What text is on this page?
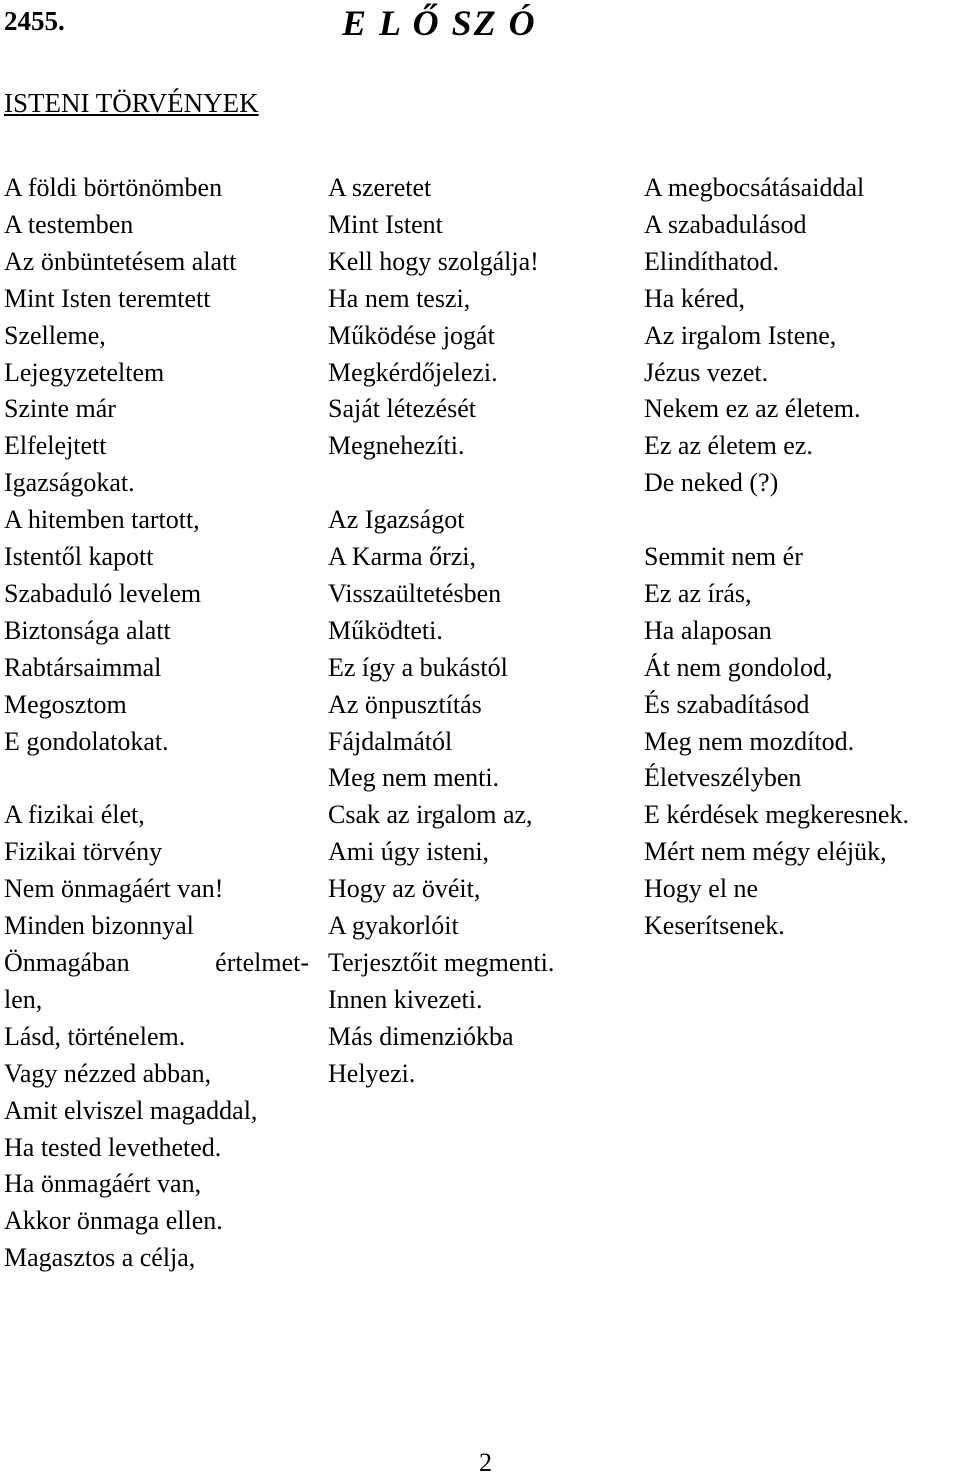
2455.	E L Ő SZ Ó
ISTENI TÖRVÉNYEK
A földi börtönömben
A testemben
Az önbüntetésem alatt
Mint Isten teremtett
Szelleme,
Lejegyzeteltem
Szinte már
Elfelejtett
Igazságokat.
A hitemben tartott,
Istentől kapott
Szabaduló levelem
Biztonsága alatt
Rabtársaimmal
Megosztom
E gondolatokat.
A fizikai élet,
Fizikai törvény
Nem önmagáért van!
Minden bizonnyal
Önmagában	értelmet-
len,
Lásd, történelem.
Vagy nézzed abban,
Amit elviszel magaddal,
Ha tested levetheted.
Ha önmagáért van,
Akkor önmaga ellen.
Magasztos a célja,
A szeretet
Mint Istent
Kell hogy szolgálja!
Ha nem teszi,
Működése jogát
Megkérdőjelezi.
Saját létezését
Megnehezíti.
Az Igazságot
A Karma őrzi,
Visszaültetésben
Működteti.
Ez így a bukástól
Az önpusztítás
Fájdalmától
Meg nem menti.
Csak az irgalom az,
Ami úgy isteni,
Hogy az övéit,
A gyakorlóit
Terjesztőit megmenti.
Innen kivezeti.
Más dimenziókba
Helyezi.
A megbocsátásaiddal
A szabadulásod
Elindíthatod.
Ha kéred,
Az irgalom Istene,
Jézus vezet.
Nekem ez az életem.
Ez az életem ez.
De neked (?)
Semmit nem ér
Ez az írás,
Ha alaposan
Át nem gondolod,
És szabadításod
Meg nem mozdítod.
Életveszélyben
E kérdések megkeresnek.
Mért nem mégy eléjük,
Hogy el ne
Keserítsenek.
2
